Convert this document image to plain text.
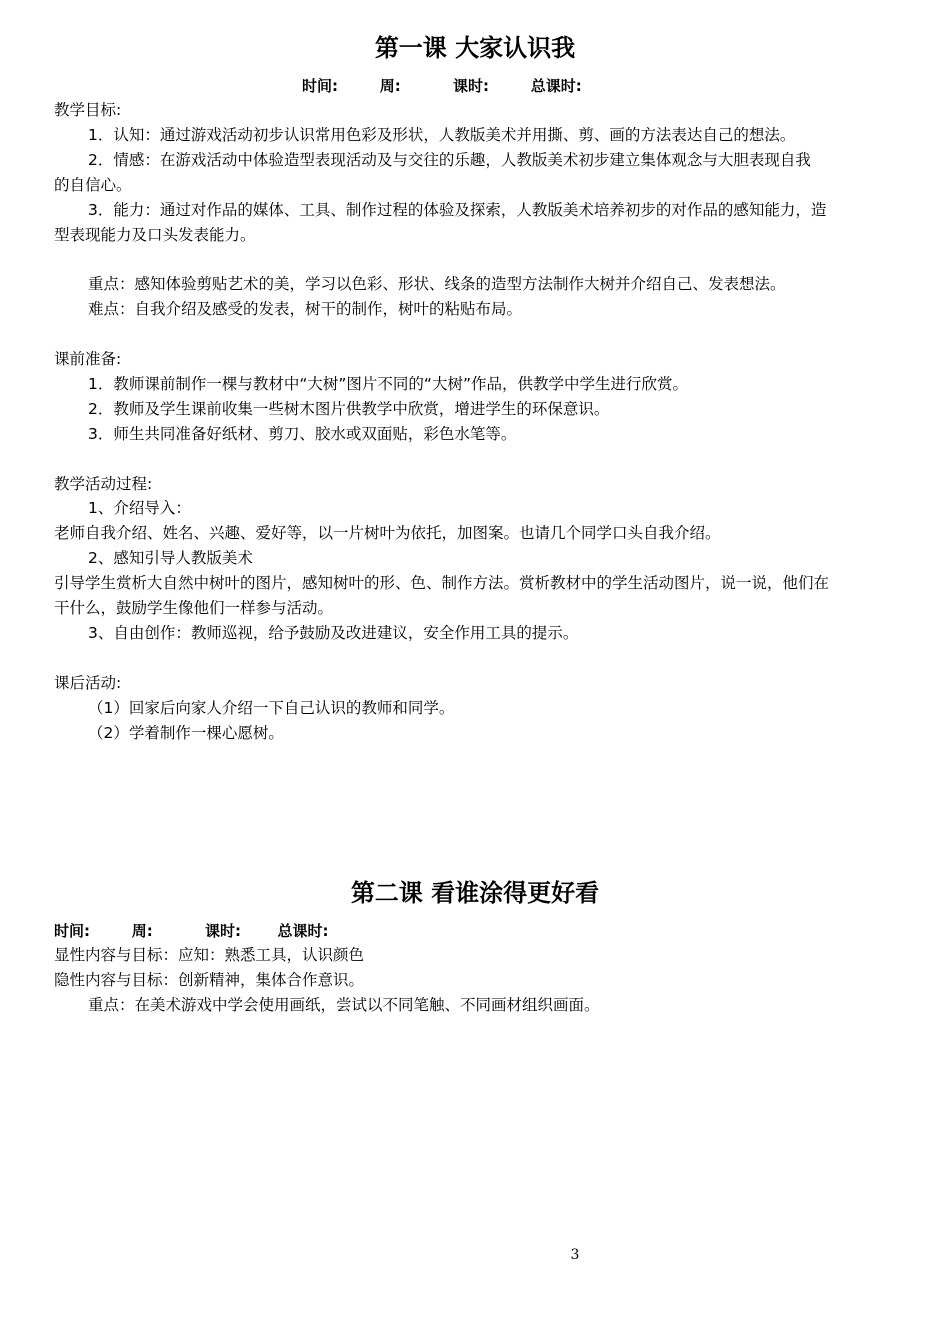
第一课 大家认识我
时间:        周:          课时:        总课时:
教学目标:
1．认知：通过游戏活动初步认识常用色彩及形状，人教版美术并用撕、剪、画的方法表达自己的想法。
2．情感：在游戏活动中体验造型表现活动及与交往的乐趣，人教版美术初步建立集体观念与大胆表现自我
的自信心。
3．能力：通过对作品的媒体、工具、制作过程的体验及探索，人教版美术培养初步的对作品的感知能力，造
型表现能力及口头发表能力。
重点：感知体验剪贴艺术的美，学习以色彩、形状、线条的造型方法制作大树并介绍自己、发表想法。
难点：自我介绍及感受的发表，树干的制作，树叶的粘贴布局。
课前准备:
1．教师课前制作一棵与教材中“大树”图片不同的“大树”作品，供教学中学生进行欣赏。
2．教师及学生课前收集一些树木图片供教学中欣赏，增进学生的环保意识。
3．师生共同准备好纸材、剪刀、胶水或双面贴，彩色水笔等。
教学活动过程:
1、介绍导入：
老师自我介绍、姓名、兴趣、爱好等，以一片树叶为依托，加图案。也请几个同学口头自我介绍。
2、感知引导人教版美术
引导学生赏析大自然中树叶的图片，感知树叶的形、色、制作方法。赏析教材中的学生活动图片，说一说，他们在
干什么，鼓励学生像他们一样参与活动。
3、自由创作：教师巡视，给予鼓励及改进建议，安全作用工具的提示。
课后活动:
（1）回家后向家人介绍一下自己认识的教师和同学。
（2）学着制作一棵心愿树。
第二课 看谁涂得更好看
时间:        周:          课时:       总课时:
显性内容与目标：应知：熟悉工具，认识颜色
隐性内容与目标：创新精神，集体合作意识。
重点：在美术游戏中学会使用画纸，尝试以不同笔触、不同画材组织画面。
3
